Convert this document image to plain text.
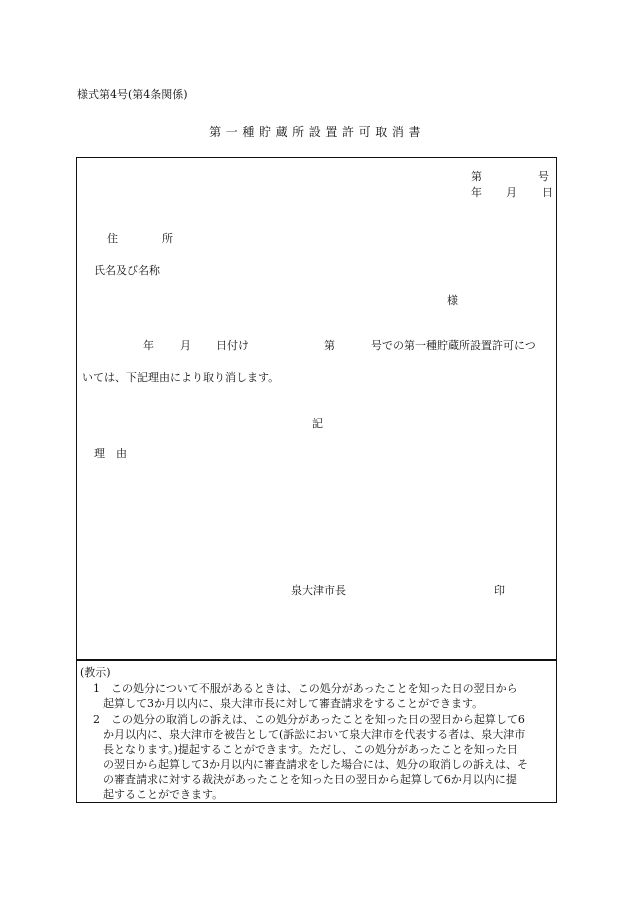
様式第4号(第4条関係)
第 一 種 貯 蔵 所 設 置 許 可 取 消 書
第	号
年 月 日
住　　　　所
氏名及び名称
様
年 月 日付け	第	号での第一種貯蔵所設置許可につ
いては、下記理由により取り消します。
記
理　由
泉大津市長	印
(教示)
1　この処分について不服があるときは、この処分があったことを知った日の翌日から
起算して3か月以内に、泉大津市長に対して審査請求をすることができます。
2　この処分の取消しの訴えは、この処分があったことを知った日の翌日から起算して6
か月以内に、泉大津市を被告として(訴訟において泉大津市を代表する者は、泉大津市
長となります。)提起することができます。ただし、この処分があったことを知った日
の翌日から起算して3か月以内に審査請求をした場合には、処分の取消しの訴えは、そ
の審査請求に対する裁決があったことを知った日の翌日から起算して6か月以内に提
起することができます。
